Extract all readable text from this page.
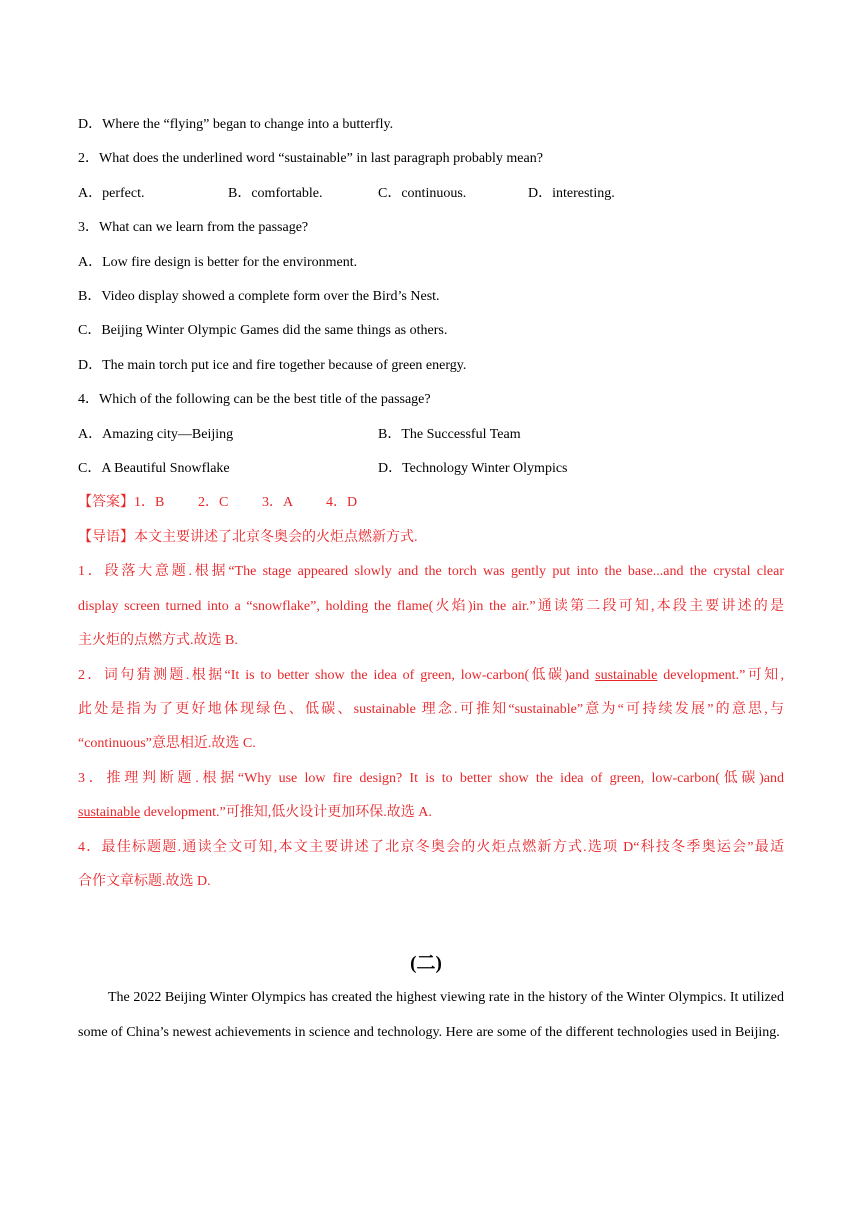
D．Where the “flying” began to change into a butterfly.
2．What does the underlined word “sustainable” in last paragraph probably mean?
A．perfect.	B．comfortable.	C．continuous.	D．interesting.
3．What can we learn from the passage?
A．Low fire design is better for the environment.
B．Video display showed a complete form over the Bird’s Nest.
C．Beijing Winter Olympic Games did the same things as others.
D．The main torch put ice and fire together because of green energy.
4．Which of the following can be the best title of the passage?
A．Amazing city—Beijing	B．The Successful Team
C．A Beautiful Snowflake	D．Technology Winter Olympics
【答案】 1．B	2．C	3．A	4．D
【导语】本文主要讲述了北京冬奥会的火炬点燃新方式.
1．段落大意题.根据“The stage appeared slowly and the torch was gently put into the base...and the crystal clear
display screen turned into a “snowflake”, holding the flame(火焰)in the air.”通读第二段可知,本段主要讲述的是
主火炬的点燃方式.故选 B.
2．词句猜测题.根据“It is to better show the idea of green, low-carbon(低碳)and sustainable development.”可知,
此处是指为了更好地体现绿色、低碳、sustainable 理念.可推知“sustainable”意为“可持续发展”的意思,与
“continuous”意思相近.故选 C.
3．推理判断题.根据“Why use low fire design? It is to better show the idea of green, low-carbon(低碳)and
sustainable development.”可推知,低火设计更加环保.故选 A.
4．最佳标题题.通读全文可知,本文主要讲述了北京冬奥会的火炬点燃新方式.选项 D“科技冬季奥运会”最适
合作文章标题.故选 D.
(二)
The 2022 Beijing Winter Olympics has created the highest viewing rate in the history of the Winter Olympics. It utilized some of China’s newest achievements in science and technology. Here are some of the different technologies used in Beijing.
